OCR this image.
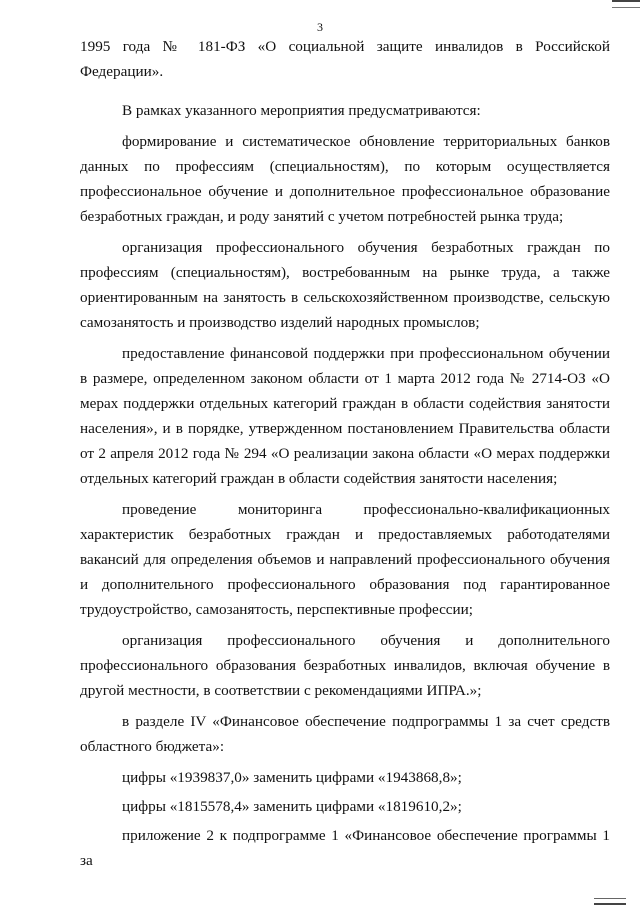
3

1995 года № 181-ФЗ «О социальной защите инвалидов в Российской Федерации».

В рамках указанного мероприятия предусматриваются:

формирование и систематическое обновление территориальных банков данных по профессиям (специальностям), по которым осуществляется профессиональное обучение и дополнительное профессиональное образование безработных граждан, и роду занятий с учетом потребностей рынка труда;

организация профессионального обучения безработных граждан по профессиям (специальностям), востребованным на рынке труда, а также ориентированным на занятость в сельскохозяйственном производстве, сельскую самозанятость и производство изделий народных промыслов;

предоставление финансовой поддержки при профессиональном обучении в размере, определенном законом области от 1 марта 2012 года № 2714-ОЗ «О мерах поддержки отдельных категорий граждан в области содействия занятости населения», и в порядке, утвержденном постановлением Правительства области от 2 апреля 2012 года № 294 «О реализации закона области «О мерах поддержки отдельных категорий граждан в области содействия занятости населения;

проведение мониторинга профессионально-квалификационных характеристик безработных граждан и предоставляемых работодателями вакансий для определения объемов и направлений профессионального обучения и дополнительного профессионального образования под гарантированное трудоустройство, самозанятость, перспективные профессии;

организация профессионального обучения и дополнительного профессионального образования безработных инвалидов, включая обучение в другой местности, в соответствии с рекомендациями ИПРА.»;

в разделе IV «Финансовое обеспечение подпрограммы 1 за счет средств областного бюджета»:

цифры «1939837,0» заменить цифрами «1943868,8»;

цифры «1815578,4» заменить цифрами «1819610,2»;

приложение 2 к подпрограмме 1 «Финансовое обеспечение программы 1 за
